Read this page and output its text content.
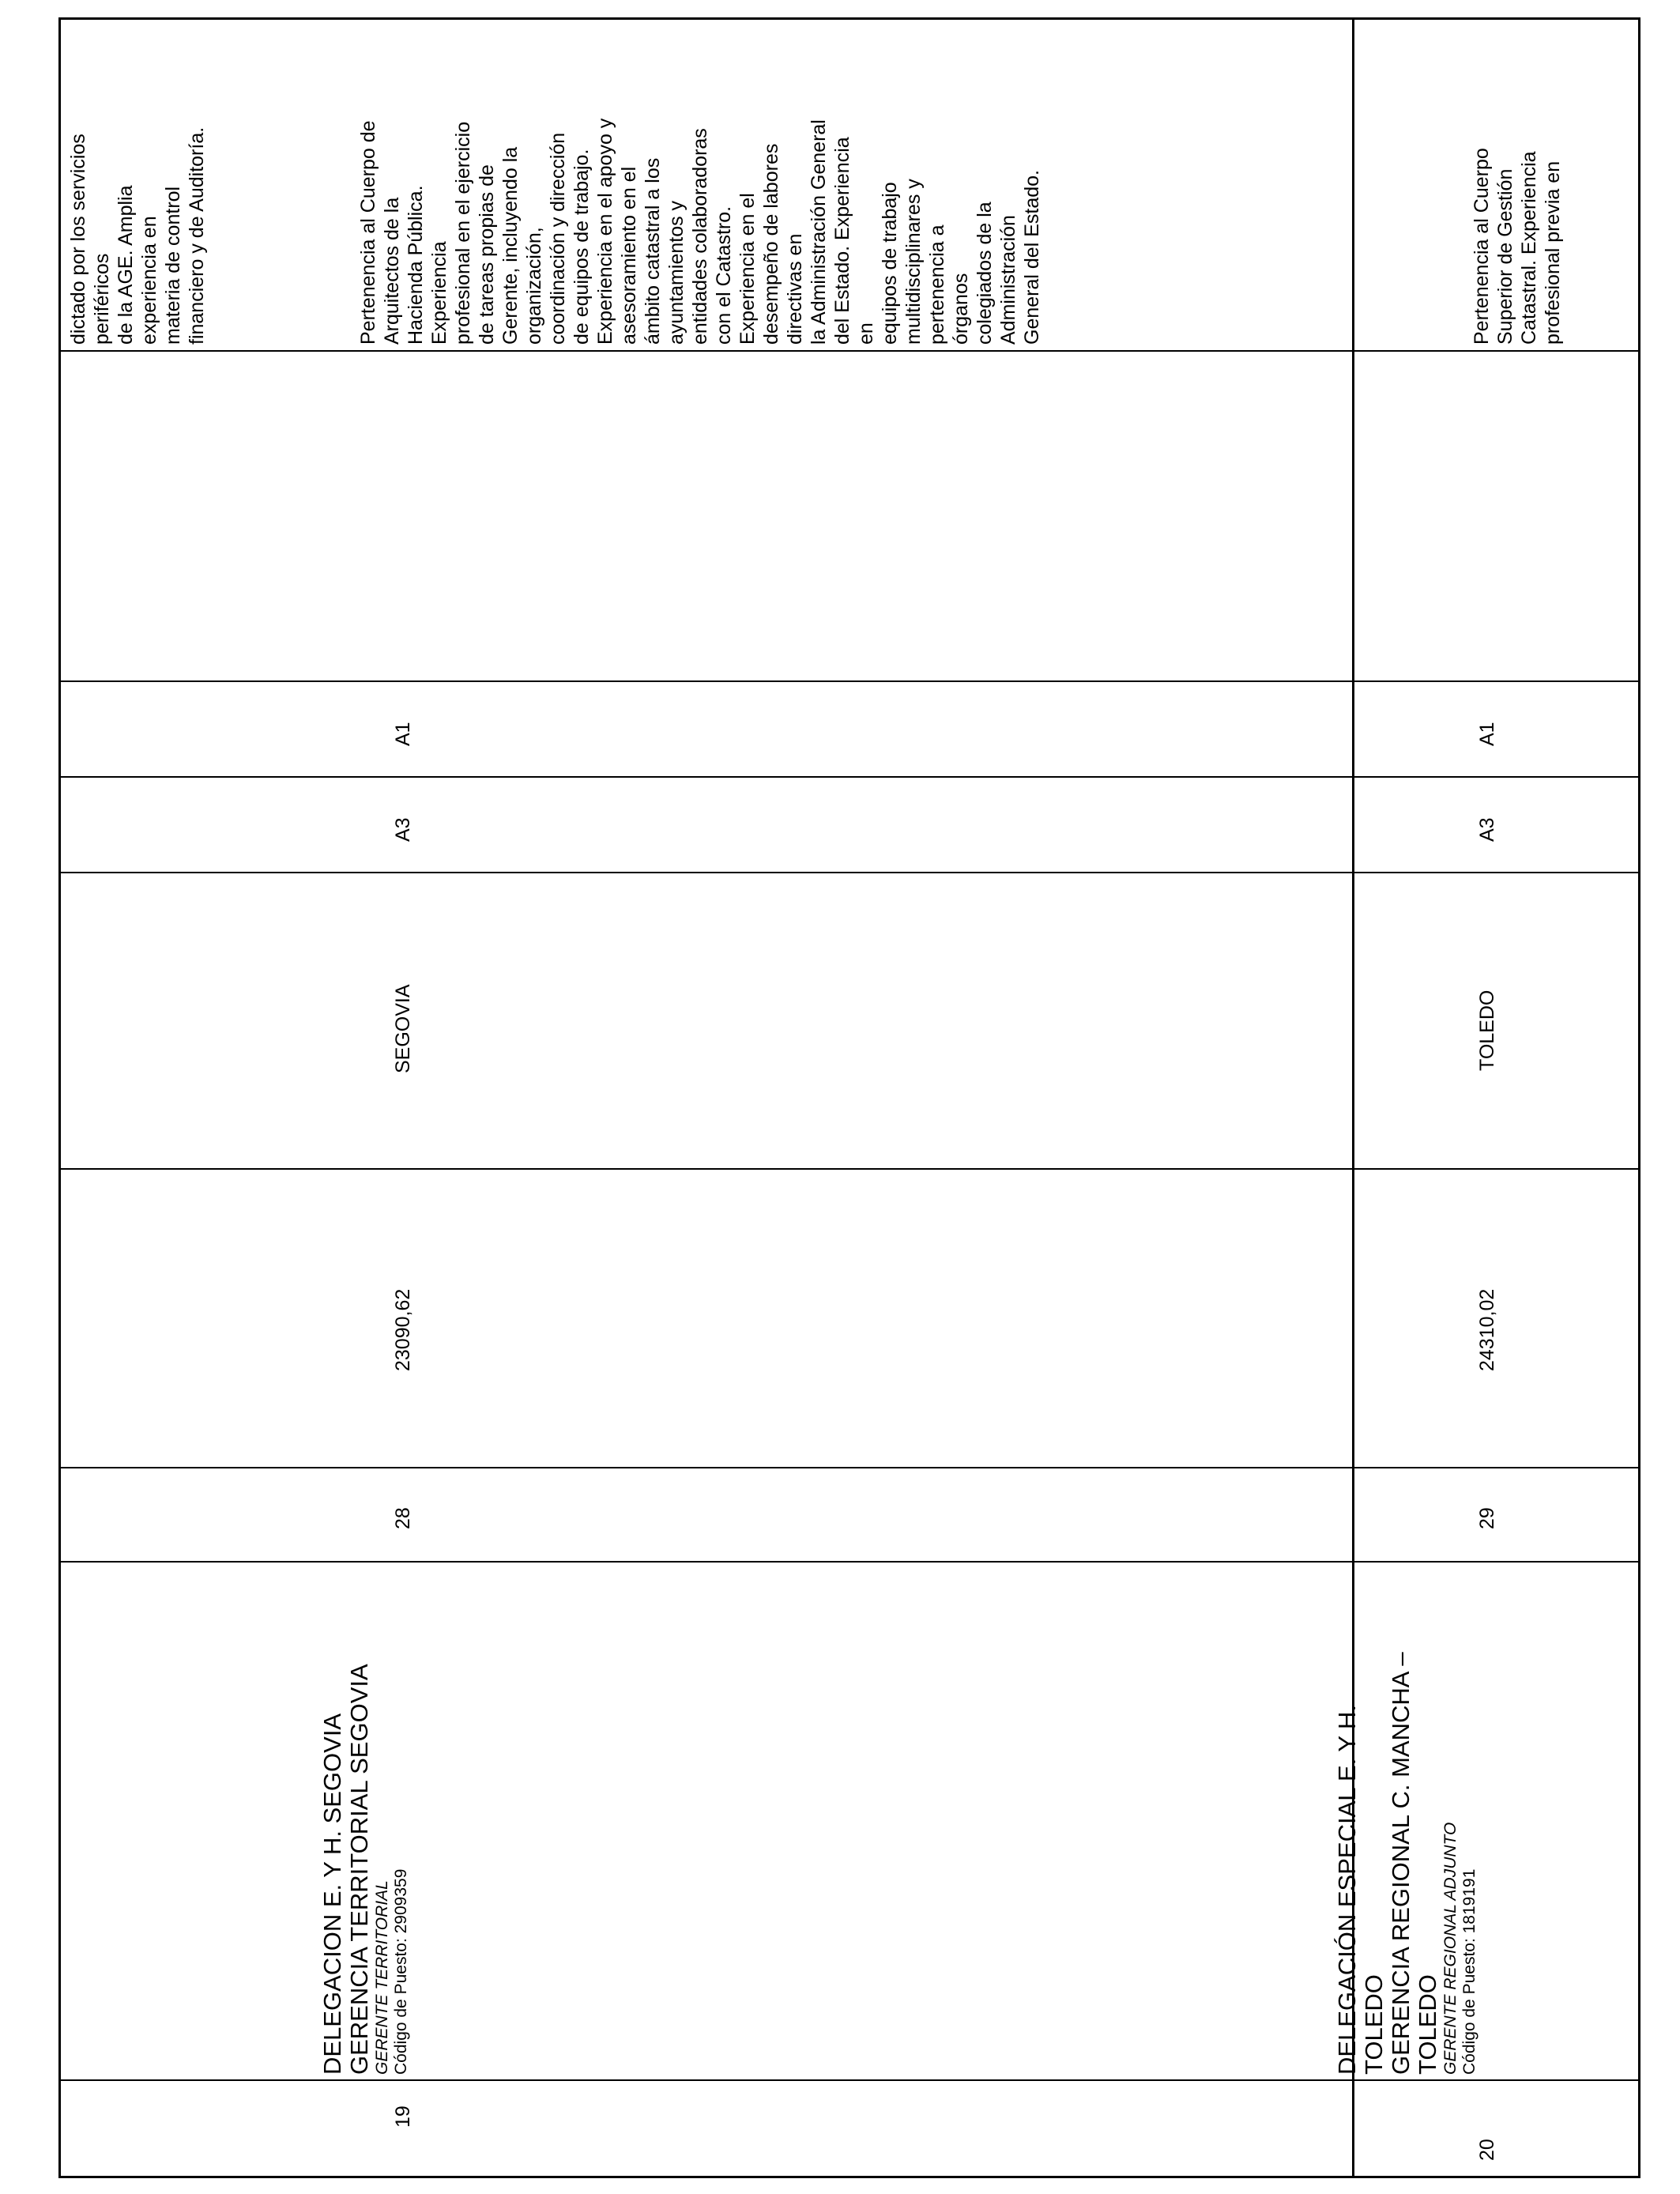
dictado por los servicios periféricos de la AGE. Amplia experiencia en materia de control financiero y de Auditoría.
19
DELEGACION E. Y H. SEGOVIA GERENCIA TERRITORIAL SEGOVIA GERENTE TERRITORIAL Código de Puesto: 2909359
28
23090,62
SEGOVIA
A3
A1
Pertenencia al Cuerpo de Arquitectos de la Hacienda Pública. Experiencia profesional en el ejercicio de tareas propias de Gerente, incluyendo la organización, coordinación y dirección de equipos de trabajo. Experiencia en el apoyo y asesoramiento en el ámbito catastral a los ayuntamientos y entidades colaboradoras con el Catastro. Experiencia en el desempeño de labores directivas en la Administración General del Estado. Experiencia en equipos de trabajo multidisciplinares y pertenencia a órganos colegiados de la Administración General del Estado.
20
DELEGACIÓN ESPECIAL E. Y H. TOLEDO GERENCIA REGIONAL C. MANCHA – TOLEDO GERENTE REGIONAL ADJUNTO Código de Puesto: 1819191
29
24310,02
TOLEDO
A3
A1
Pertenencia al Cuerpo Superior de Gestión Catastral. Experiencia profesional previa en
